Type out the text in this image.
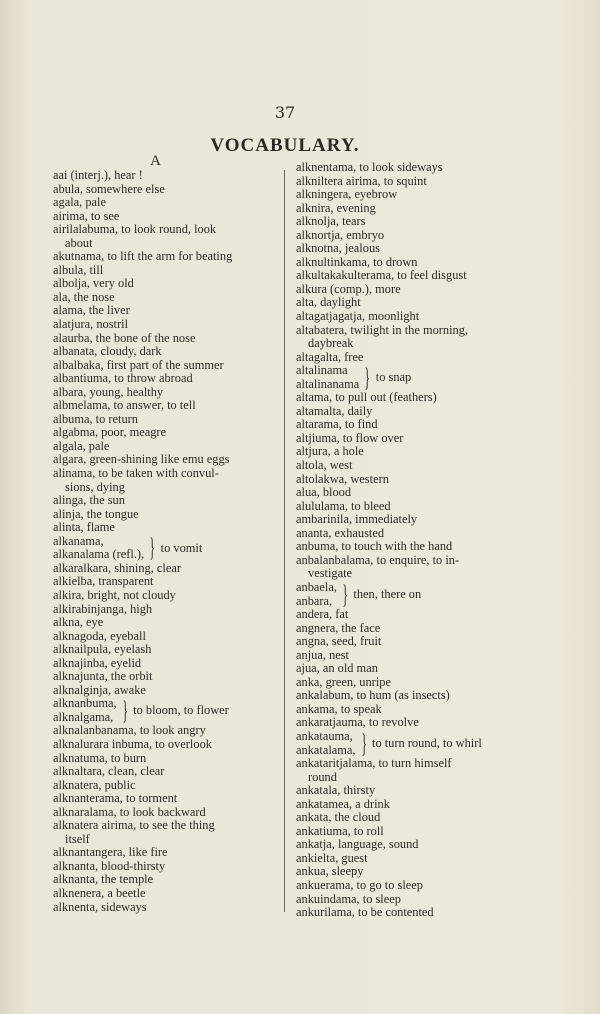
37
VOCABULARY.
A
aai (interj.), hear !
abula, somewhere else
agala, pale
airima, to see
airilalabuma, to look round, look
about
akutnama, to lift the arm for beating
albula, till
albolja, very old
ala, the nose
alama, the liver
alatjura, nostril
alaurba, the bone of the nose
albanata, cloudy, dark
albalbaka, first part of the summer
albantiuma, to throw abroad
albara, young, healthy
albmelama, to answer, to tell
albuma, to return
algabma, poor, meagre
algala, pale
algara, green-shining like emu eggs
alinama, to be taken with convul-
sions, dying
alinga, the sun
alinja, the tongue
alinta, flame
alkanama,
alkanalama (refl.), } to vomit
alkaralkara, shining, clear
alkielba, transparent
alkira, bright, not cloudy
alkirabinjanga, high
alkna, eye
alknagoda, eyeball
alknailpula, eyelash
alknajinba, eyelid
alknajunta, the orbit
alknalginja, awake
alknanbuma,
alknalgama, } to bloom, to flower
alknalanbanama, to look angry
alknalurara inbuma, to overlook
alknatuma, to burn
alknaltara, clean, clear
alknatera, public
alknanterama, to torment
alknaralama, to look backward
alknatera airima, to see the thing
itself
alknantangera, like fire
alknanta, blood-thirsty
alknanta, the temple
alknenera, a beetle
alknenta, sideways
alknentama, to look sideways
alkniltera airima, to squint
alkningera, eyebrow
alknira, evening
alknolja, tears
alknortja, embryo
alknotna, jealous
alknultinkama, to drown
alkultakakulterama, to feel disgust
alkura (comp.), more
alta, daylight
altagatjagatja, moonlight
altabatera, twilight in the morning,
daybreak
altagalta, free
altalinama
altalinanama } to snap
altama, to pull out (feathers)
altamalta, daily
altarama, to find
altjiuma, to flow over
altjura, a hole
altola, west
altolakwa, western
alua, blood
alululama, to bleed
ambarinila, immediately
ananta, exhausted
anbuma, to touch with the hand
anbalanbalama, to enquire, to in-
vestigate
anbaela,
anbara, } then, there on
andera, fat
angnera, the face
angna, seed, fruit
anjua, nest
ajua, an old man
anka, green, unripe
ankalabum, to hum (as insects)
ankama, to speak
ankaratjauma, to revolve
ankatauma,
ankatalama, } to turn round, to whirl
ankataritjalama, to turn himself
round
ankatala, thirsty
ankatamea, a drink
ankata, the cloud
ankatiuma, to roll
ankatja, language, sound
ankielta, guest
ankua, sleepy
ankuerama, to go to sleep
ankuindama, to sleep
ankurilama, to be contented
